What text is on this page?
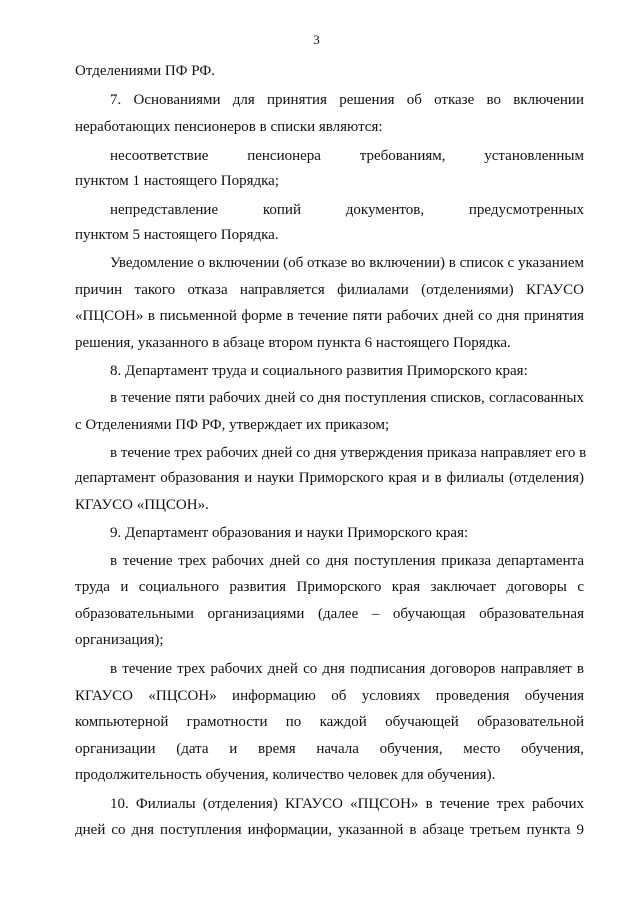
3
Отделениями ПФ РФ.
7. Основаниями для принятия решения об отказе во включении
неработающих пенсионеров в списки являются:
несоответствие пенсионера требованиям, установленным
пунктом 1 настоящего Порядка;
непредставление копий документов, предусмотренных
пунктом 5 настоящего Порядка.
Уведомление о включении (об отказе во включении) в список с указанием
причин такого отказа направляется филиалами (отделениями) КГАУСО
«ПЦСОН» в письменной форме в течение пяти рабочих дней со дня принятия
решения, указанного в абзаце втором пункта 6 настоящего Порядка.
8. Департамент труда и социального развития Приморского края:
в течение пяти рабочих дней со дня поступления списков, согласованных
с Отделениями ПФ РФ, утверждает их приказом;
в течение трех рабочих дней со дня утверждения приказа направляет его в
департамент образования и науки Приморского края и в филиалы (отделения)
КГАУСО «ПЦСОН».
9. Департамент образования и науки Приморского края:
в течение трех рабочих дней со дня поступления приказа департамента
труда и социального развития Приморского края заключает договоры с
образовательными организациями (далее – обучающая образовательная
организация);
в течение трех рабочих дней со дня подписания договоров направляет в
КГАУСО «ПЦСОН» информацию об условиях проведения обучения
компьютерной грамотности по каждой обучающей образовательной
организации (дата и время начала обучения, место обучения,
продолжительность обучения, количество человек для обучения).
10. Филиалы (отделения) КГАУСО «ПЦСОН» в течение трех рабочих
дней со дня поступления информации, указанной в абзаце третьем пункта 9
